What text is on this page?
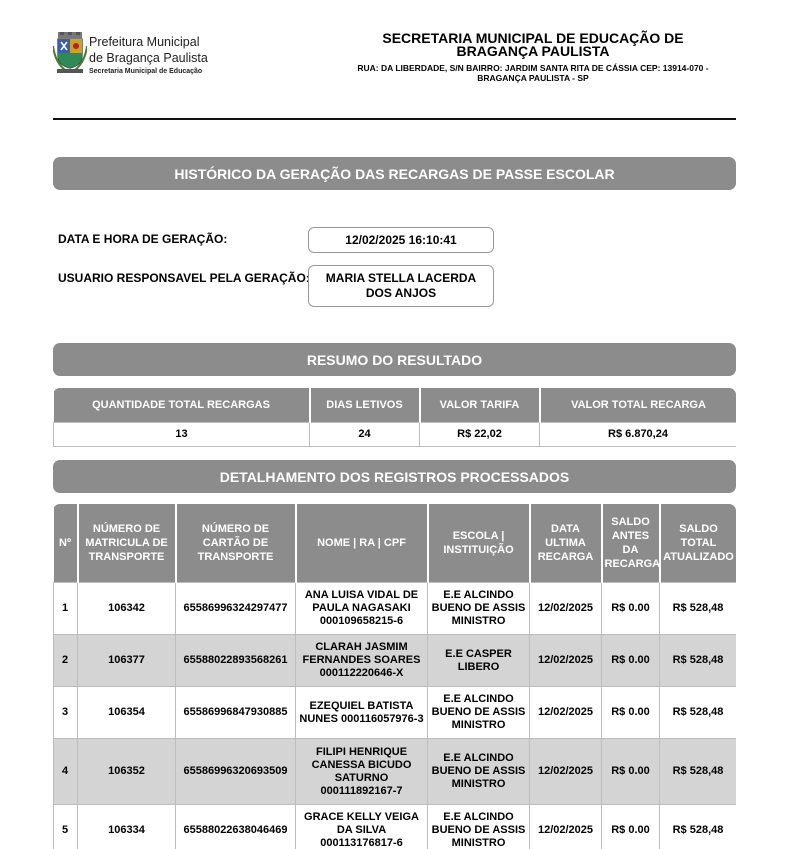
Prefeitura Municipal
de Bragança Paulista
Secretaria Municipal de Educação
SECRETARIA MUNICIPAL DE EDUCAÇÃO DE BRAGANÇA PAULISTA
RUA: DA LIBERDADE, S/N BAIRRO: JARDIM SANTA RITA DE CÁSSIA CEP: 13914-070 - BRAGANÇA PAULISTA - SP
HISTÓRICO DA GERAÇÃO DAS RECARGAS DE PASSE ESCOLAR
DATA E HORA DE GERAÇÃO:	12/02/2025 16:10:41
USUARIO RESPONSAVEL PELA GERAÇÃO:	MARIA STELLA LACERDA DOS ANJOS
RESUMO DO RESULTADO
QUANTIDADE TOTAL RECARGAS	DIAS LETIVOS	VALOR TARIFA	VALOR TOTAL RECARGA
13	24	R$ 22,02	R$ 6.870,24
DETALHAMENTO DOS REGISTROS PROCESSADOS
Nº	NÚMERO DE MATRICULA DE TRANSPORTE	NÚMERO DE CARTÃO DE TRANSPORTE	NOME | RA | CPF	ESCOLA | INSTITUIÇÃO	DATA ULTIMA RECARGA	SALDO ANTES DA RECARGA	SALDO TOTAL ATUALIZADO
1	106342	65586996324297477	ANA LUISA VIDAL DE PAULA NAGASAKI 000109658215-6	E.E ALCINDO BUENO DE ASSIS MINISTRO	12/02/2025	R$ 0.00	R$ 528,48
2	106377	65588022893568261	CLARAH JASMIM FERNANDES SOARES 000112220646-X	E.E CASPER LIBERO	12/02/2025	R$ 0.00	R$ 528,48
3	106354	65586996847930885	EZEQUIEL BATISTA NUNES 000116057976-3	E.E ALCINDO BUENO DE ASSIS MINISTRO	12/02/2025	R$ 0.00	R$ 528,48
4	106352	65586996320693509	FILIPI HENRIQUE CANESSA BICUDO SATURNO 000111892167-7	E.E ALCINDO BUENO DE ASSIS MINISTRO	12/02/2025	R$ 0.00	R$ 528,48
5	106334	65588022638046469	GRACE KELLY VEIGA DA SILVA 000113176817-6	E.E ALCINDO BUENO DE ASSIS MINISTRO	12/02/2025	R$ 0.00	R$ 528,48
